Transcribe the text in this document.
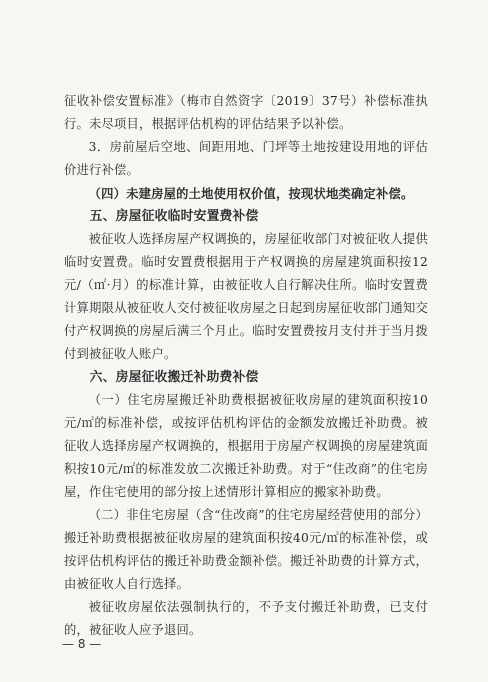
征收补偿安置标准》（梅市自然资字〔2019〕37号）补偿标准执行。未尽项目，根据评估机构的评估结果予以补偿。

3．房前屋后空地、间距用地、门坪等土地按建设用地的评估价进行补偿。

（四）未建房屋的土地使用权价值，按现状地类确定补偿。

五、房屋征收临时安置费补偿

被征收人选择房屋产权调换的，房屋征收部门对被征收人提供临时安置费。临时安置费根据用于产权调换的房屋建筑面积按12元/（㎡·月）的标准计算，由被征收人自行解决住所。临时安置费计算期限从被征收人交付被征收房屋之日起到房屋征收部门通知交付产权调换的房屋后满三个月止。临时安置费按月支付并于当月拨付到被征收人账户。

六、房屋征收搬迁补助费补偿

（一）住宅房屋搬迁补助费根据被征收房屋的建筑面积按10元/㎡的标准补偿，或按评估机构评估的金额发放搬迁补助费。被征收人选择房屋产权调换的，根据用于房屋产权调换的房屋建筑面积按10元/㎡的标准发放二次搬迁补助费。对于“住改商”的住宅房屋，作住宅使用的部分按上述情形计算相应的搬家补助费。

（二）非住宅房屋（含“住改商”的住宅房屋经营使用的部分）搬迁补助费根据被征收房屋的建筑面积按40元/㎡的标准补偿，或按评估机构评估的搬迁补助费金额补偿。搬迁补助费的计算方式，由被征收人自行选择。

被征收房屋依法强制执行的，不予支付搬迁补助费，已支付的，被征收人应予退回。

— 8 —
